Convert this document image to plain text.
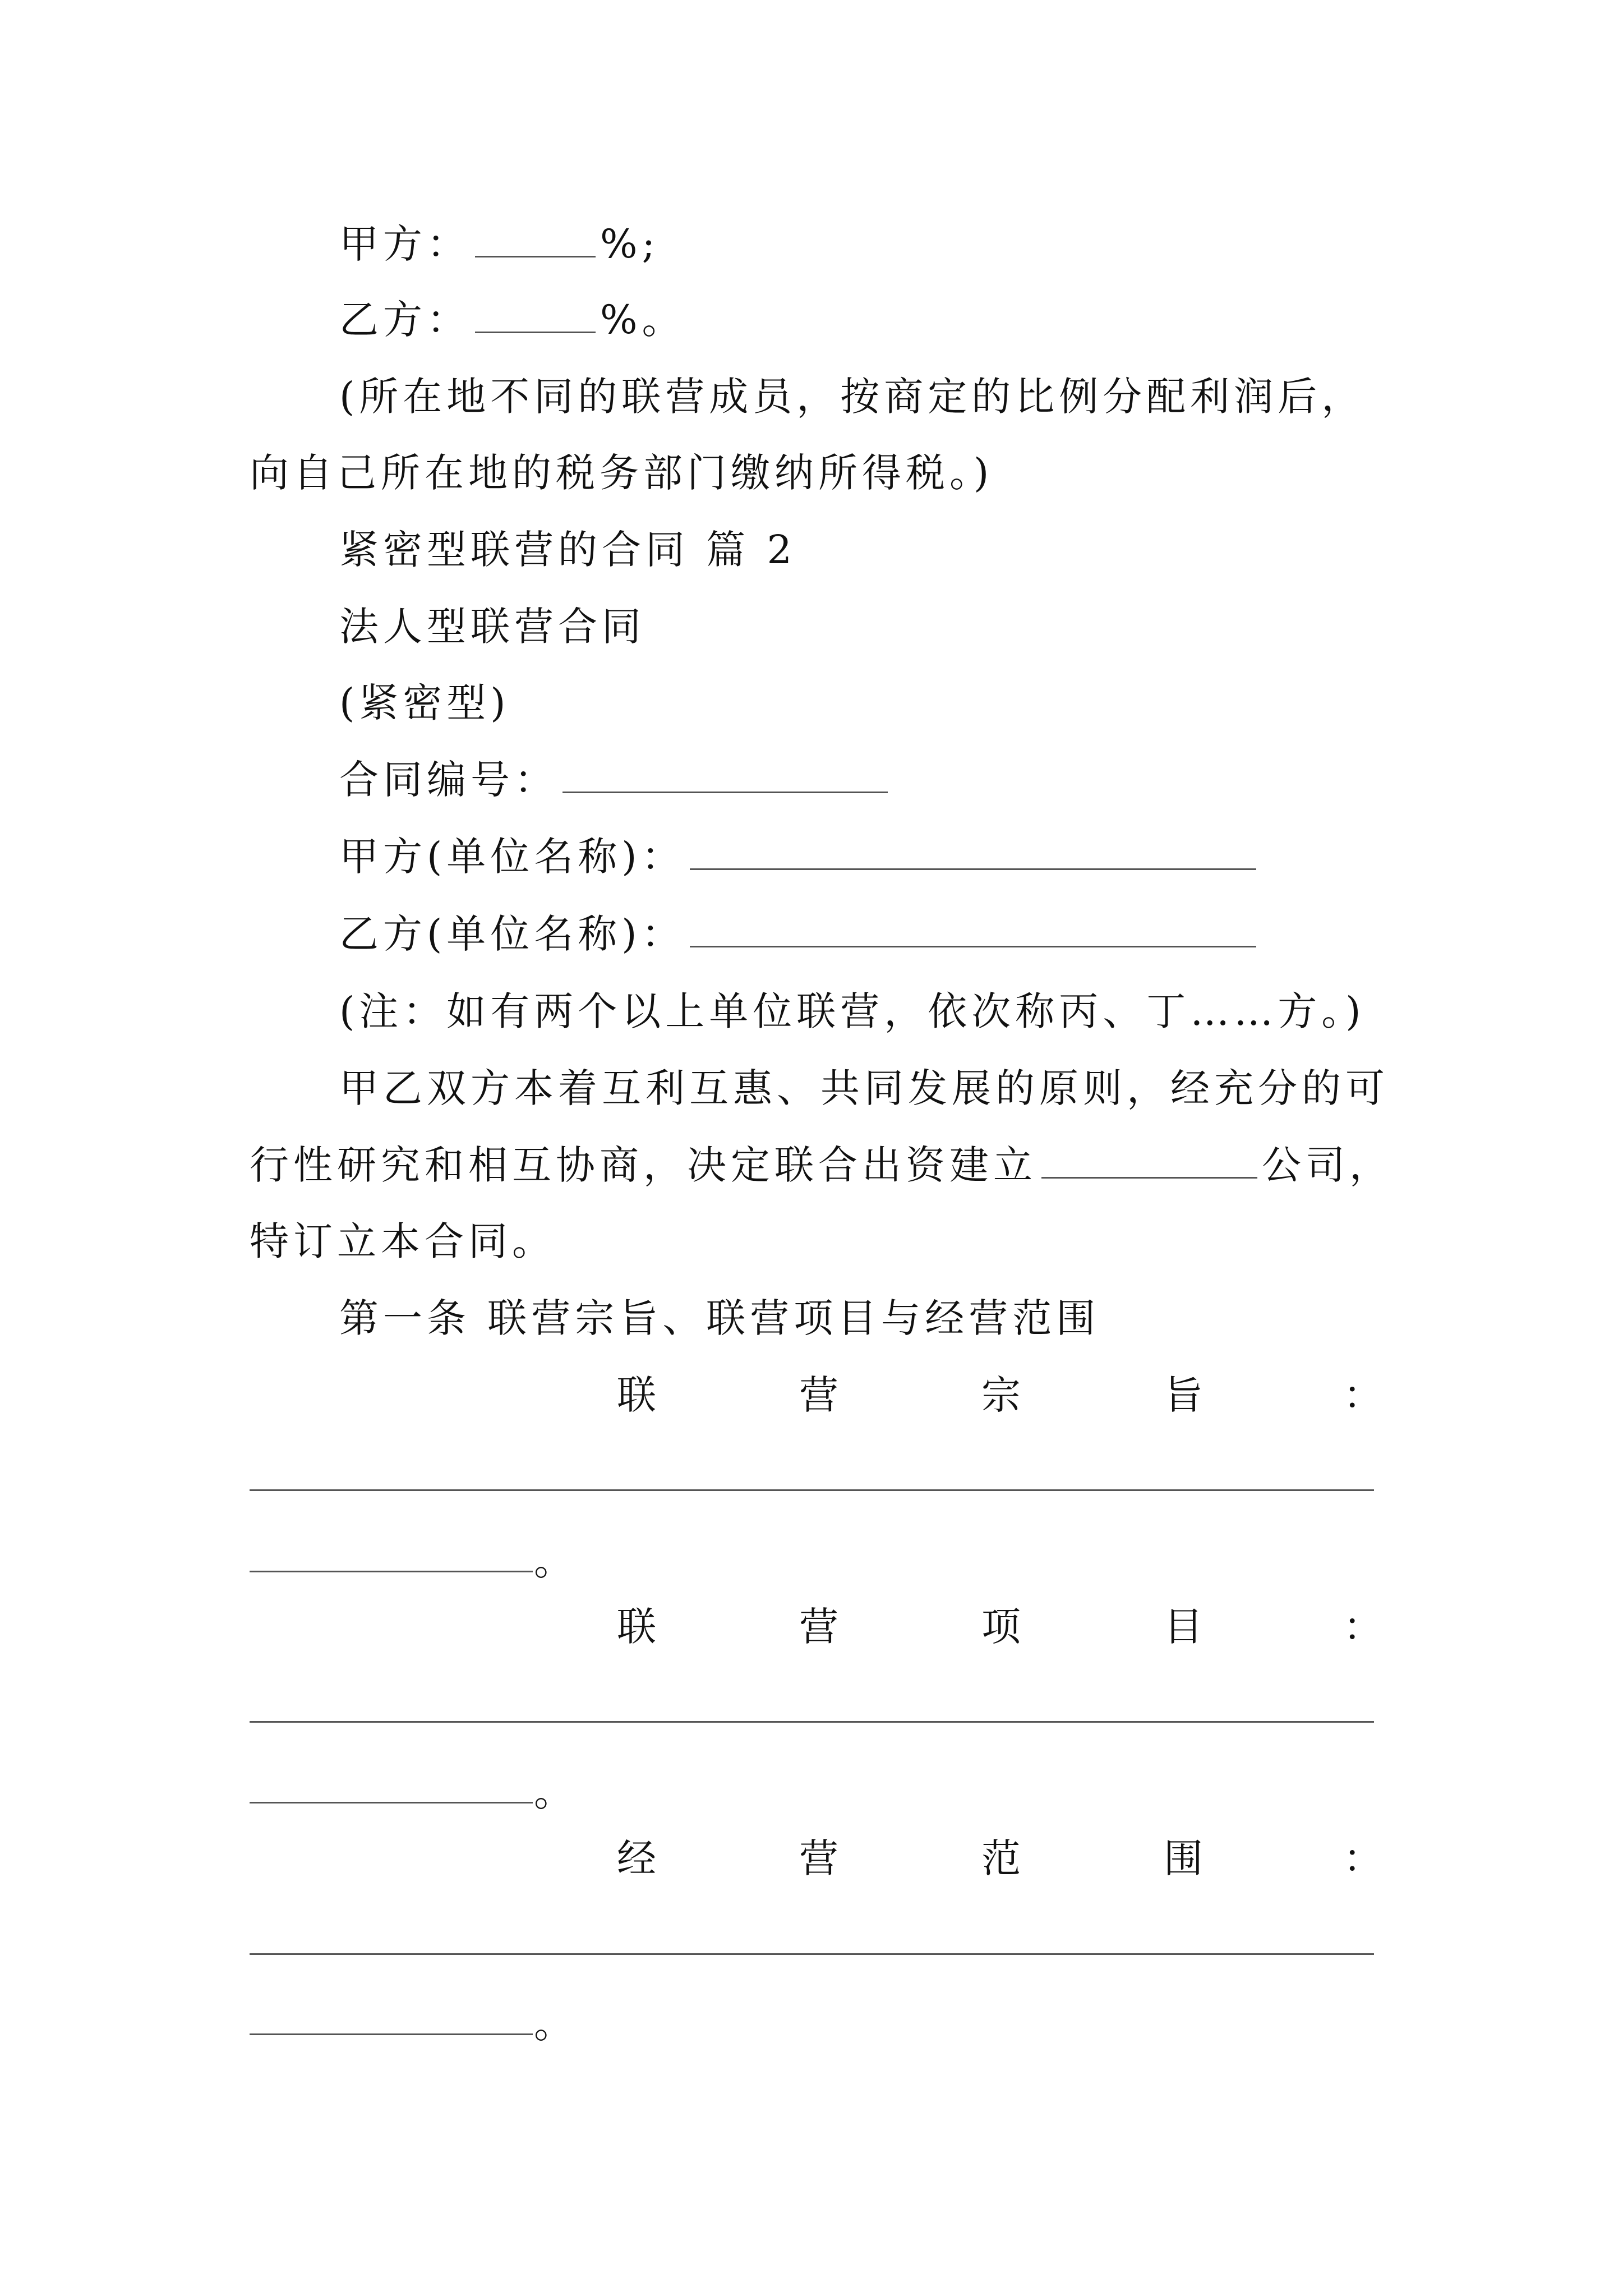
甲方：	%;
乙方：	%。
(所在地不同的联营成员，按商定的比例分配利润后，
向自己所在地的税务部门缴纳所得税。)
紧密型联营的合同 篇 2
法人型联营合同
(紧密型)
合同编号：
甲方(单位名称)：
乙方(单位名称)：
(注：如有两个以上单位联营，依次称丙、丁……方。)
甲乙双方本着互利互惠、共同发展的原则，经充分的可
行性研究和相互协商，决定联合出资建立	公司，
特订立本合同。
第一条 联营宗旨、联营项目与经营范围
联	营	宗	旨	：
。
联	营	项	目	：
。
经	营	范	围	：
。
